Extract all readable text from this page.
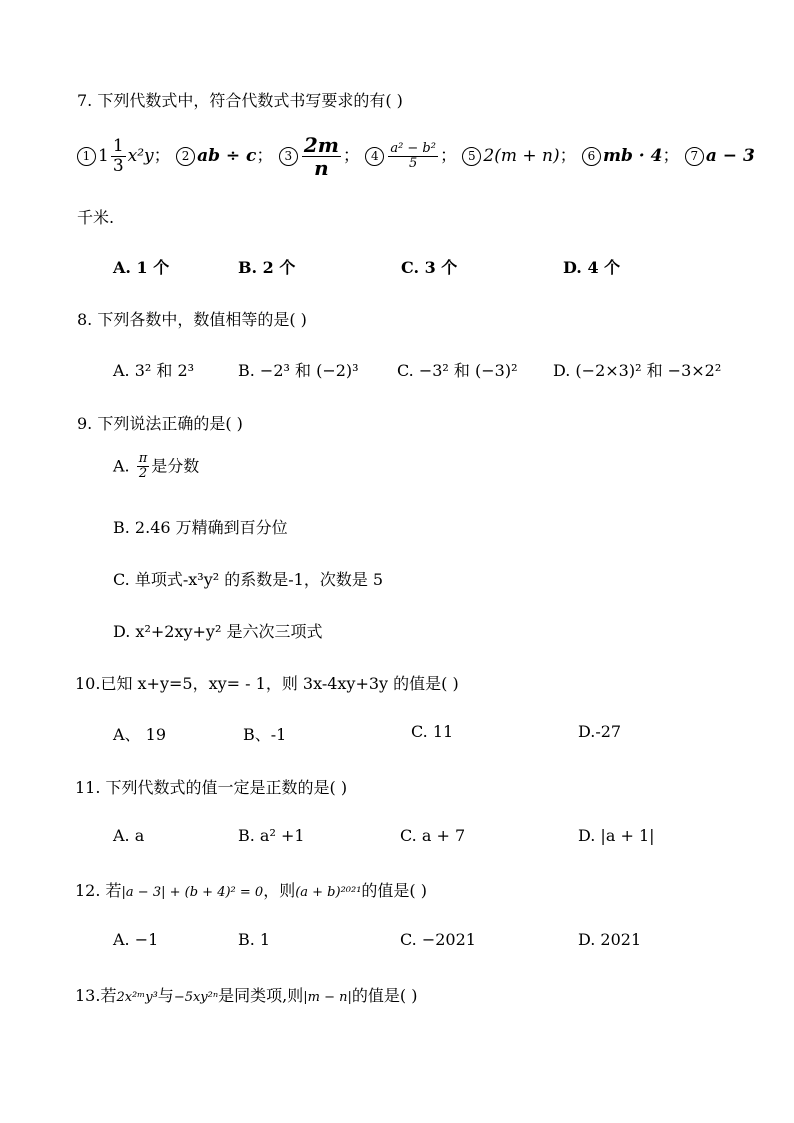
7. 下列代数式中，符合代数式书写要求的有( )
1 $1 \frac{1}{3} x^2y$； 2 ab ÷ c； $3 \frac{2m}{n}$ ； $4 \frac{\text{a² − b²}}{5}$ ； 5 2(m + n)； 6 mb · 4； 7 a − 3
千米.
A. 1 个	B. 2 个	C. 3 个	D. 4 个
8. 下列各数中，数值相等的是( )
A. 3² 和 2³	B. −2³ 和 (−2)³ C. −3² 和 (−3)² D. (−2×3)² 和 −3×2²
9. 下列说法正确的是( )
A. $\frac{\pi}{2}$ 是分数
B. 2.46 万精确到百分位
C. 单项式-x³y² 的系数是-1，次数是 5
D. x²+2xy+y² 是六次三项式
10.已知 x+y=5，xy= - 1，则 3x-4xy+3y 的值是( )
A、 19	B、-1	C. 11	D.-27
11. 下列代数式的值一定是正数的是( )
A. a	B. a² +1	C. a + 7	D. |a + 1|
12. 若|a − 3| + (b + 4)² = 0，则(a + b)²⁰²¹的值是( )
A. −1	B. 1	C. −2021	D. 2021
13.若2x²ᵐy³与−5xy²ⁿ是同类项,则|m − n|的值是( )
